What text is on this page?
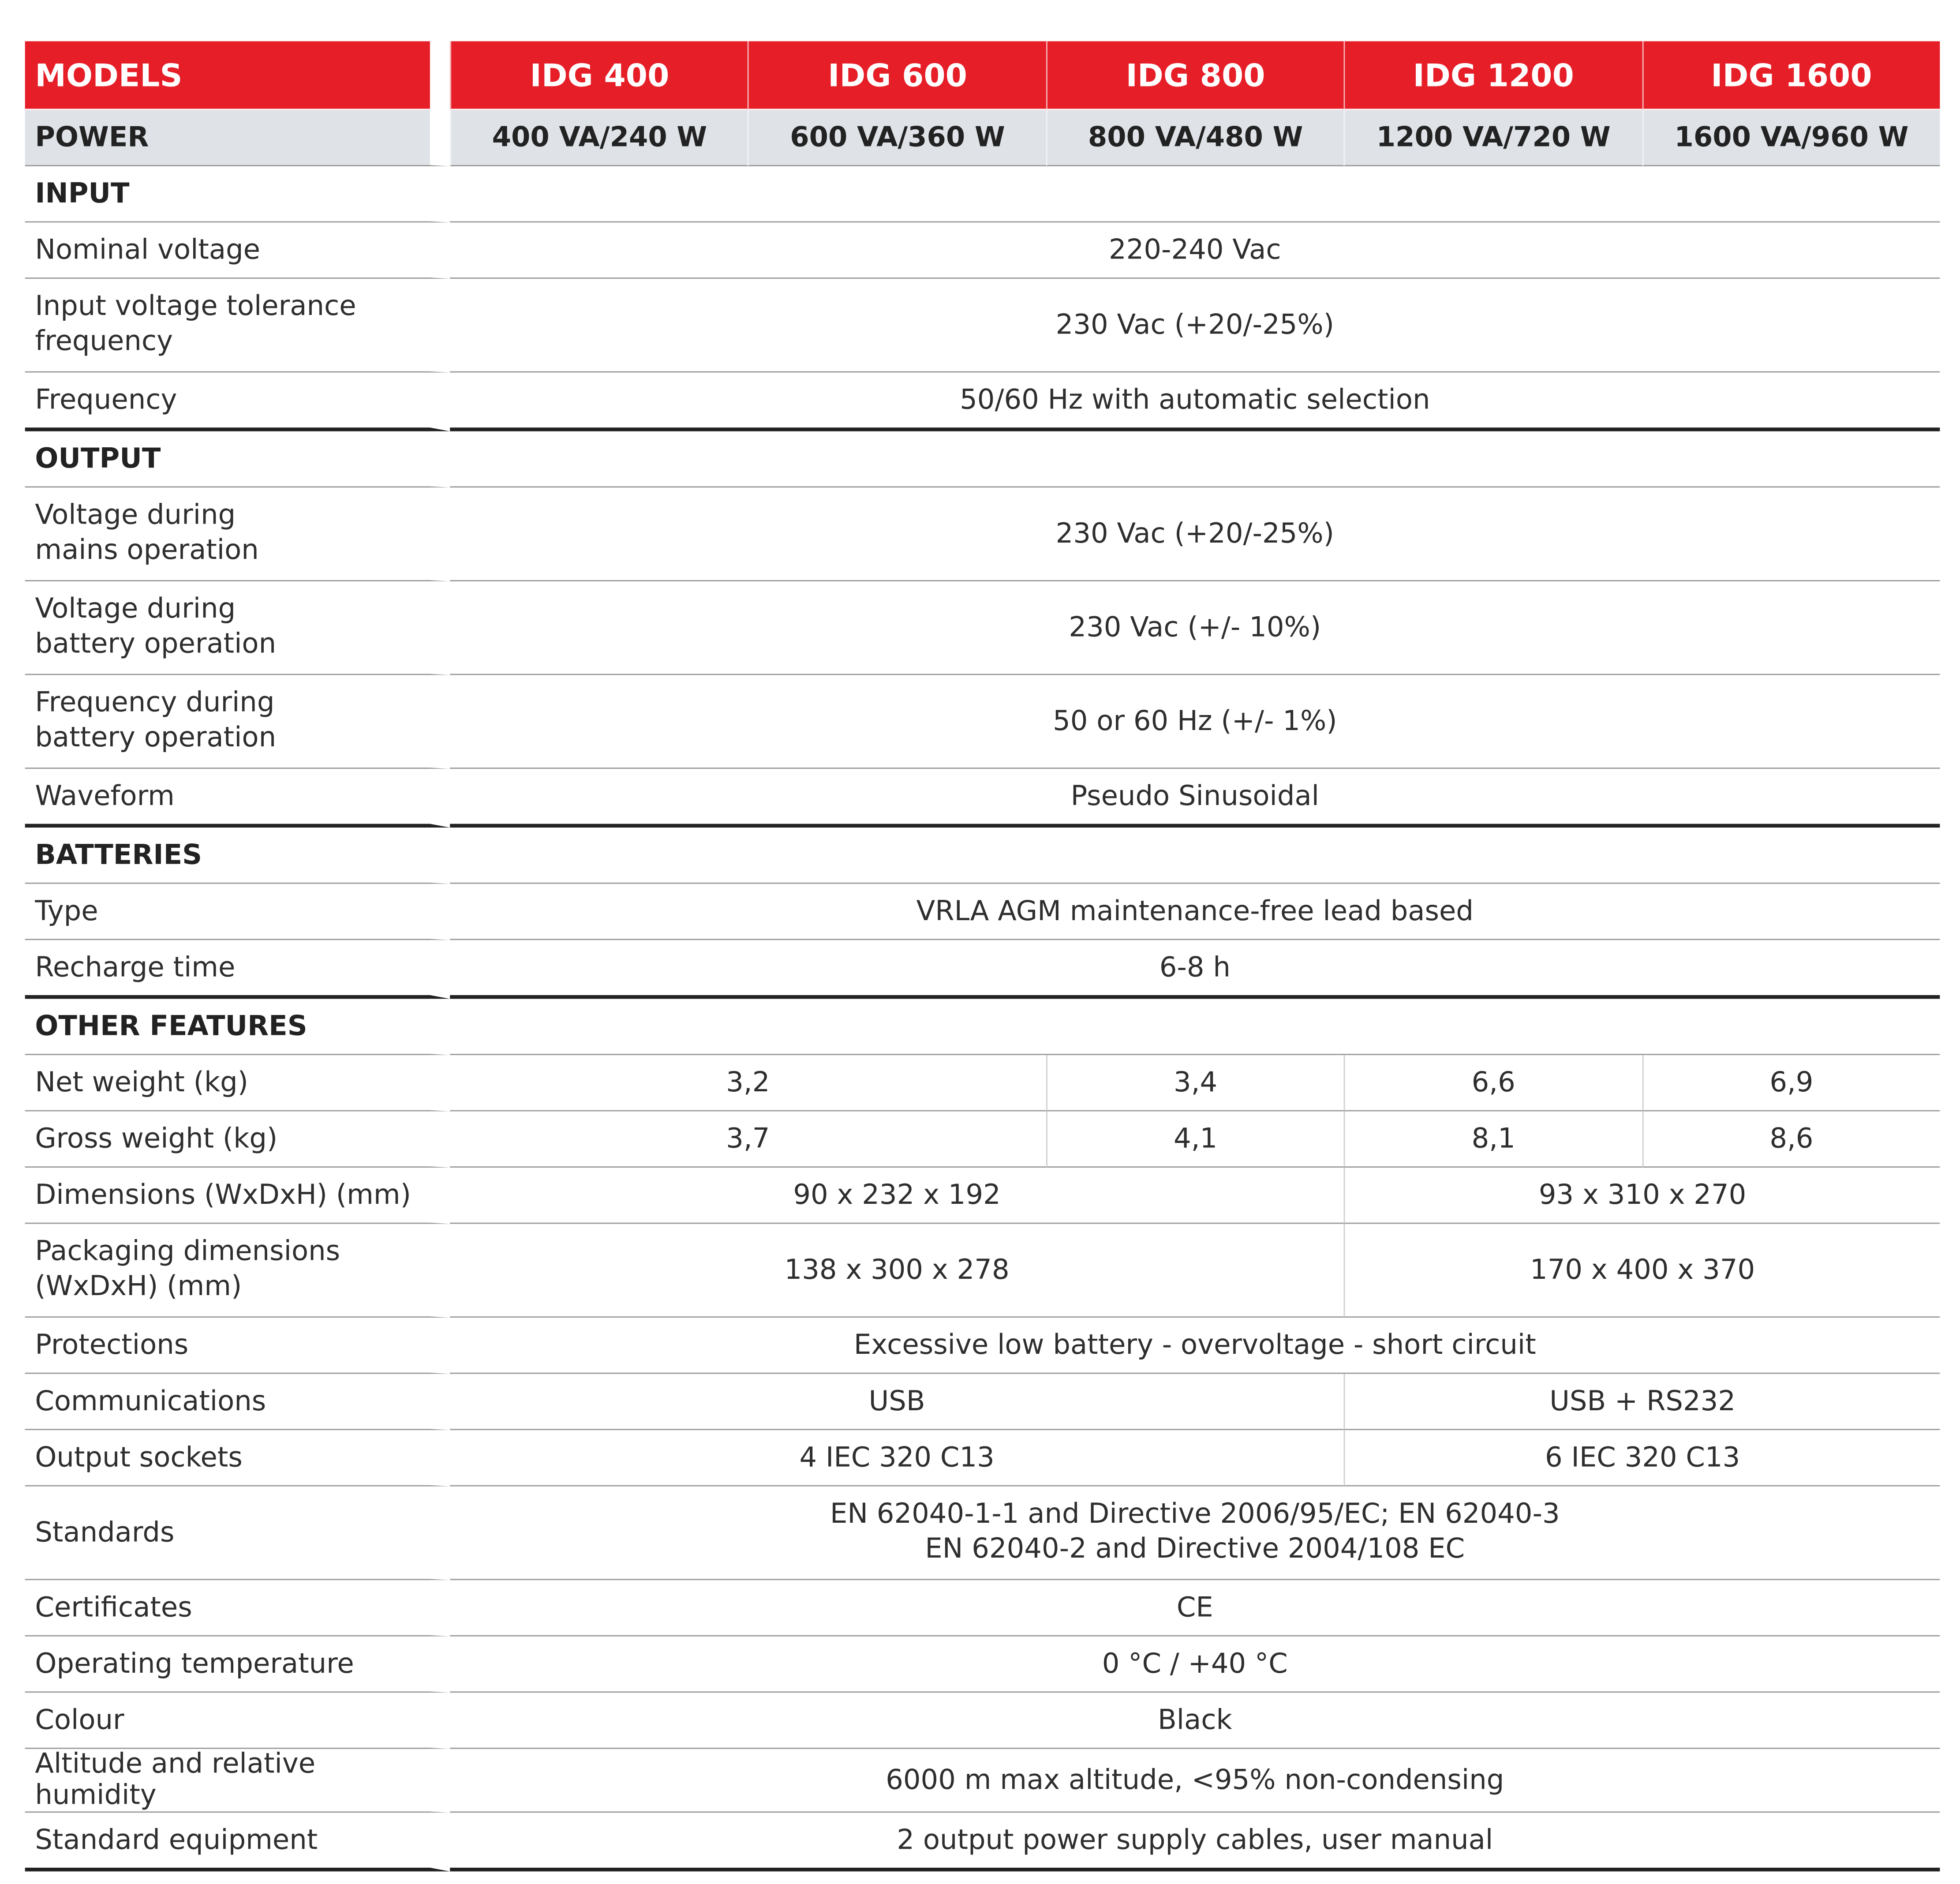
MODELS	IDG 400	IDG 600	IDG 800	IDG 1200	IDG 1600
POWER	400 VA/240 W	600 VA/360 W	800 VA/480 W	1200 VA/720 W	1600 VA/960 W
INPUT					
Nominal voltage	220-240 Vac				
Input voltage tolerance
frequency	230 Vac (+20/-25%)				
Frequency	50/60 Hz with automatic selection				
OUTPUT					
Voltage during
mains operation	230 Vac (+20/-25%)				
Voltage during
battery operation	230 Vac (+/- 10%)				
Frequency during
battery operation	50 or 60 Hz (+/- 1%)				
Waveform	Pseudo Sinusoidal				
BATTERIES					
Type	VRLA AGM maintenance-free lead based				
Recharge time	6-8 h				
OTHER FEATURES					
Net weight (kg)	3,2		3,4	6,6	6,9
Gross weight (kg)	3,7		4,1	8,1	8,6
Dimensions (WxDxH) (mm)	90 x 232 x 192			93 x 310 x 270	
Packaging dimensions
(WxDxH) (mm)	138 x 300 x 278			170 x 400 x 370	
Protections	Excessive low battery - overvoltage - short circuit				
Communications	USB			USB + RS232	
Output sockets	4 IEC 320 C13			6 IEC 320 C13	
Standards	EN 62040-1-1 and Directive 2006/95/EC; EN 62040-3
EN 62040-2 and Directive 2004/108 EC				
Certificates	CE				
Operating temperature	0 °C / +40 °C				
Colour	Black				
Altitude and relative humidity	6000 m max altitude, <95% non-condensing				
Standard equipment	2 output power supply cables, user manual				
